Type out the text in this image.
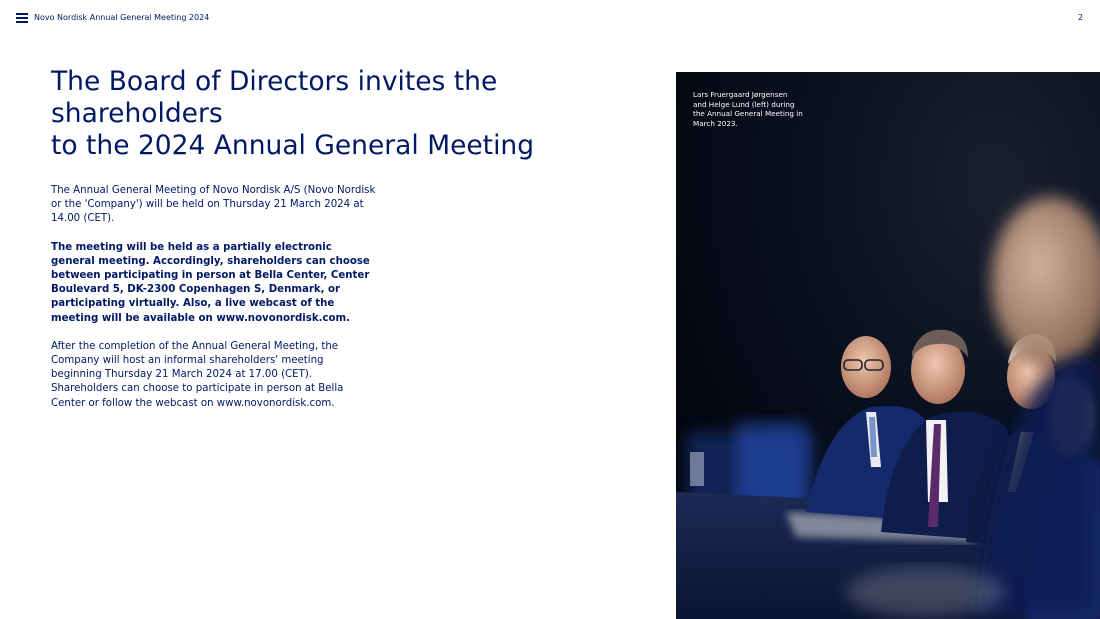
Novo Nordisk Annual General Meeting 2024	2
The Board of Directors invites the shareholders
to the 2024 Annual General Meeting

The Annual General Meeting of Novo Nordisk A/S (Novo Nordisk or the 'Company') will be held on Thursday 21 March 2024 at 14.00 (CET).

The meeting will be held as a partially electronic general meeting. Accordingly, shareholders can choose between participating in person at Bella Center, Center Boulevard 5, DK-2300 Copenhagen S, Denmark, or participating virtually. Also, a live webcast of the meeting will be available on www.novonordisk.com.

After the completion of the Annual General Meeting, the Company will host an informal shareholders' meeting beginning Thursday 21 March 2024 at 17.00 (CET). Shareholders can choose to participate in person at Bella Center or follow the webcast on www.novonordisk.com.

Lars Fruergaard Jørgensen and Helge Lund (left) during the Annual General Meeting in March 2023.
